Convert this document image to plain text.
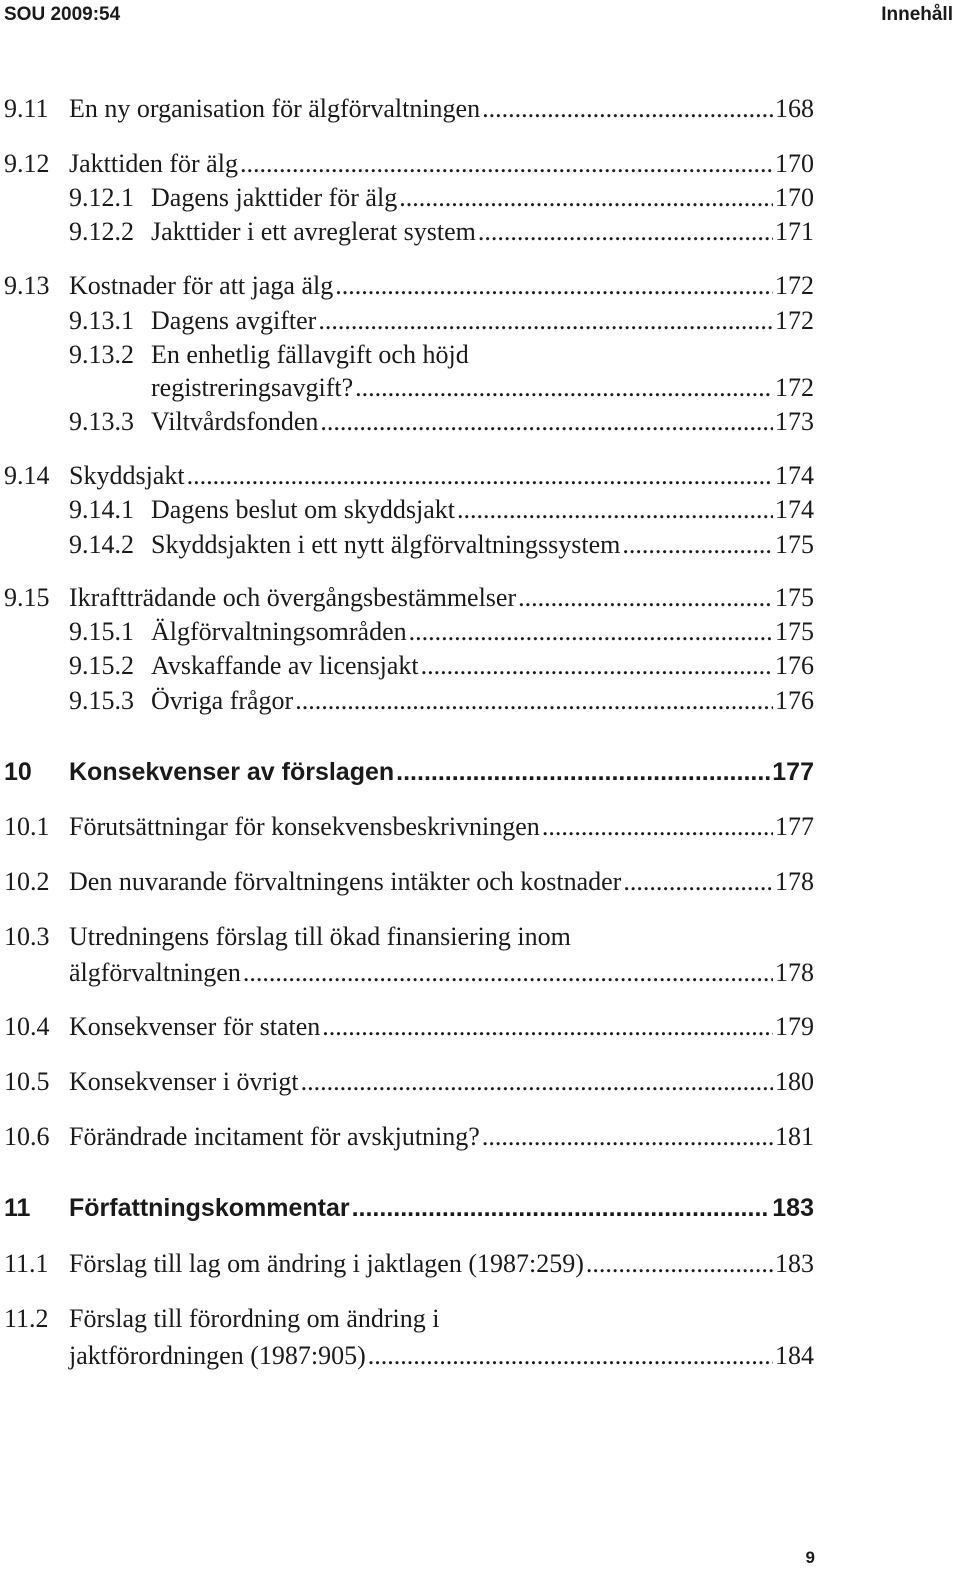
SOU 2009:54	Innehåll
9.11 En ny organisation för älgförvaltningen .....	168
9.12 Jakttiden för älg .....	170
9.12.1 Dagens jakttider för älg .....	170
9.12.2 Jakttider i ett avreglerat system .....	171
9.13 Kostnader för att jaga älg .....	172
9.13.1 Dagens avgifter .....	172
9.13.2 En enhetlig fällavgift och höjd
registreringsavgift? .....	172
9.13.3 Viltvårdsfonden .....	173
9.14 Skyddsjakt .....	174
9.14.1 Dagens beslut om skyddsjakt .....	174
9.14.2 Skyddsjakten i ett nytt älgförvaltningssystem .....	175
9.15 Ikraftträdande och övergångsbestämmelser .....	175
9.15.1 Älgförvaltningsområden .....	175
9.15.2 Avskaffande av licensjakt .....	176
9.15.3 Övriga frågor .....	176
10	Konsekvenser av förslagen .....	177
10.1 Förutsättningar för konsekvensbeskrivningen .....	177
10.2 Den nuvarande förvaltningens intäkter och kostnader .....	178
10.3 Utredningens förslag till ökad finansiering inom
älgförvaltningen .....	178
10.4 Konsekvenser för staten .....	179
10.5 Konsekvenser i övrigt .....	180
10.6 Förändrade incitament för avskjutning? .....	181
11	Författningskommentar .....	183
11.1 Förslag till lag om ändring i jaktlagen (1987:259) .....	183
11.2 Förslag till förordning om ändring i
jaktförordningen (1987:905) .....	184
9
